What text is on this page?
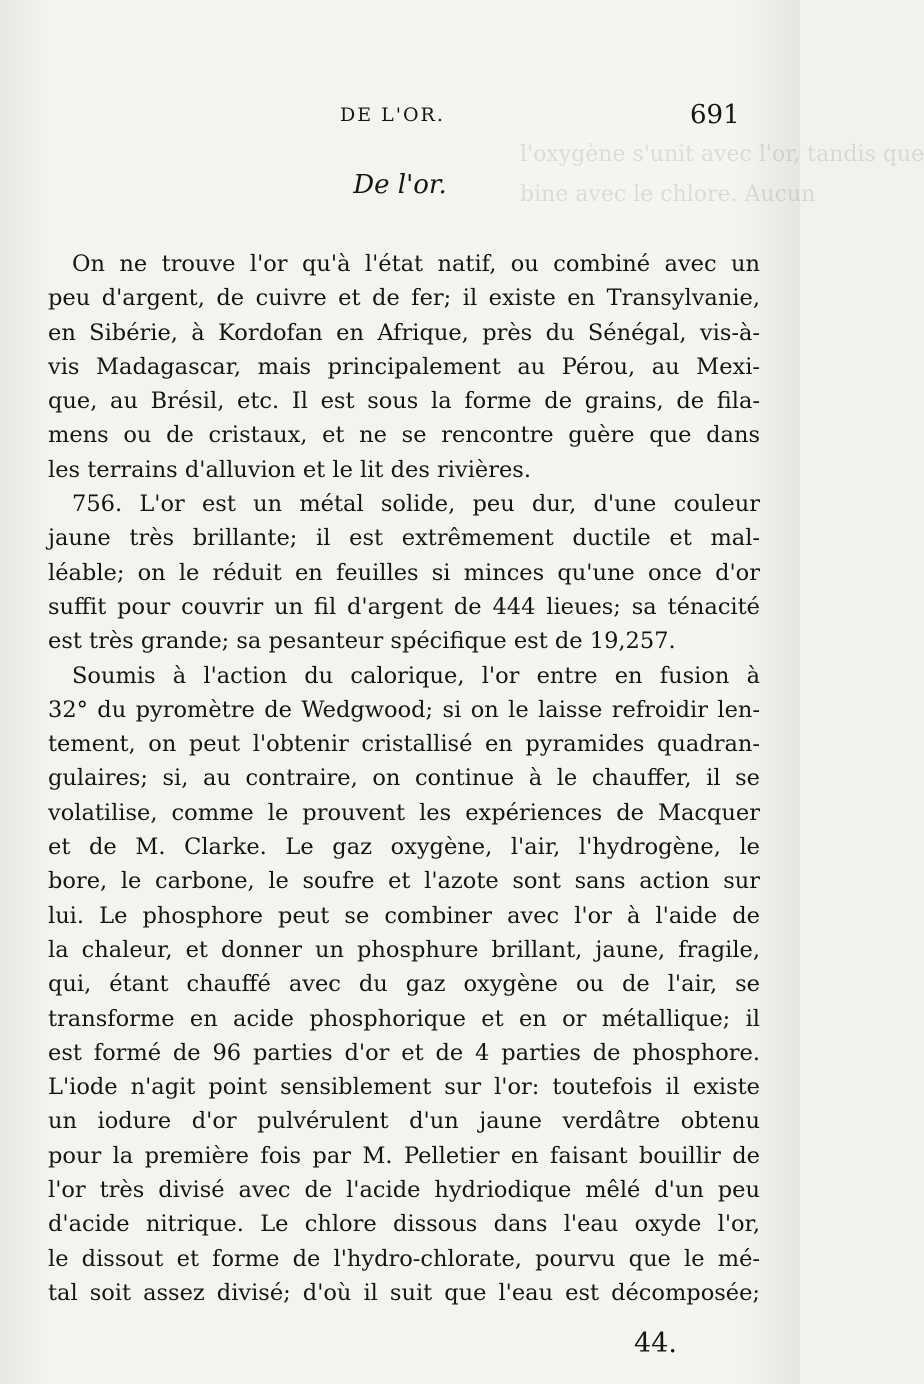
l'oxygène s'unit avec l'or, tandis que
bine avec le chlore. Aucun
DE L'OR.	691
De l'or.
On ne trouve l'or qu'à l'état natif, ou combiné avec un
peu d'argent, de cuivre et de fer; il existe en Transylvanie,
en Sibérie, à Kordofan en Afrique, près du Sénégal, vis-à-
vis Madagascar, mais principalement au Pérou, au Mexi-
que, au Brésil, etc. Il est sous la forme de grains, de fila-
mens ou de cristaux, et ne se rencontre guère que dans
les terrains d'alluvion et le lit des rivières.
756. L'or est un métal solide, peu dur, d'une couleur
jaune très brillante; il est extrêmement ductile et mal-
léable; on le réduit en feuilles si minces qu'une once d'or
suffit pour couvrir un fil d'argent de 444 lieues; sa ténacité
est très grande; sa pesanteur spécifique est de 19,257.
Soumis à l'action du calorique, l'or entre en fusion à
32° du pyromètre de Wedgwood; si on le laisse refroidir len-
tement, on peut l'obtenir cristallisé en pyramides quadran-
gulaires; si, au contraire, on continue à le chauffer, il se
volatilise, comme le prouvent les expériences de Macquer
et de M. Clarke. Le gaz oxygène, l'air, l'hydrogène, le
bore, le carbone, le soufre et l'azote sont sans action sur
lui. Le phosphore peut se combiner avec l'or à l'aide de
la chaleur, et donner un phosphure brillant, jaune, fragile,
qui, étant chauffé avec du gaz oxygène ou de l'air, se
transforme en acide phosphorique et en or métallique; il
est formé de 96 parties d'or et de 4 parties de phosphore.
L'iode n'agit point sensiblement sur l'or: toutefois il existe
un iodure d'or pulvérulent d'un jaune verdâtre obtenu
pour la première fois par M. Pelletier en faisant bouillir de
l'or très divisé avec de l'acide hydriodique mêlé d'un peu
d'acide nitrique. Le chlore dissous dans l'eau oxyde l'or,
le dissout et forme de l'hydro-chlorate, pourvu que le mé-
tal soit assez divisé; d'où il suit que l'eau est décomposée;
44.
